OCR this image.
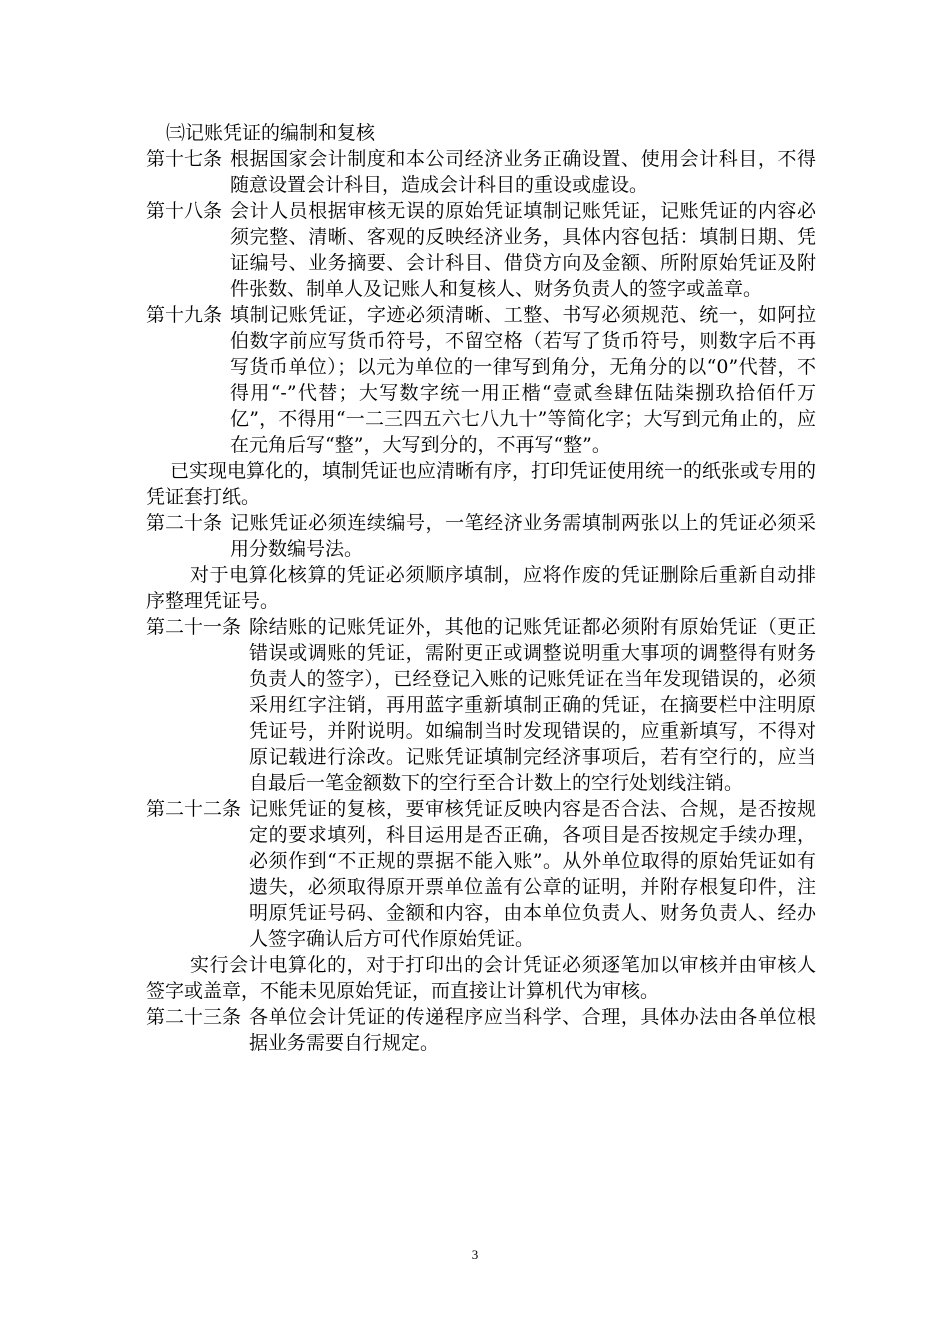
㈢记账凭证的编制和复核

第十七条 根据国家会计制度和本公司经济业务正确设置、使用会计科目，不得随意设置会计科目，造成会计科目的重设或虚设。
第十八条 会计人员根据审核无误的原始凭证填制记账凭证，记账凭证的内容必须完整、清晰、客观的反映经济业务，具体内容包括：填制日期、凭证编号、业务摘要、会计科目、借贷方向及金额、所附原始凭证及附件张数、制单人及记账人和复核人、财务负责人的签字或盖章。
第十九条 填制记账凭证，字迹必须清晰、工整、书写必须规范、统一，如阿拉伯数字前应写货币符号，不留空格（若写了货币符号，则数字后不再写货币单位）；以元为单位的一律写到角分，无角分的以“0”代替，不得用“-”代替；大写数字统一用正楷“壹贰叁肆伍陆柒捌玖拾佰仟万亿”，不得用“一二三四五六七八九十”等简化字；大写到元角止的，应在元角后写“整”，大写到分的，不再写“整”。

已实现电算化的，填制凭证也应清晰有序，打印凭证使用统一的纸张或专用的凭证套打纸。

第二十条 记账凭证必须连续编号，一笔经济业务需填制两张以上的凭证必须采用分数编号法。

对于电算化核算的凭证必须顺序填制，应将作废的凭证删除后重新自动排序整理凭证号。

第二十一条 除结账的记账凭证外，其他的记账凭证都必须附有原始凭证（更正错误或调账的凭证，需附更正或调整说明重大事项的调整得有财务负责人的签字），已经登记入账的记账凭证在当年发现错误的，必须采用红字注销，再用蓝字重新填制正确的凭证，在摘要栏中注明原凭证号，并附说明。如编制当时发现错误的，应重新填写，不得对原记载进行涂改。记账凭证填制完经济事项后，若有空行的，应当自最后一笔金额数下的空行至合计数上的空行处划线注销。
第二十二条 记账凭证的复核，要审核凭证反映内容是否合法、合规，是否按规定的要求填列，科目运用是否正确，各项目是否按规定手续办理，必须作到“不正规的票据不能入账”。从外单位取得的原始凭证如有遗失，必须取得原开票单位盖有公章的证明，并附存根复印件，注明原凭证号码、金额和内容，由本单位负责人、财务负责人、经办人签字确认后方可代作原始凭证。

实行会计电算化的，对于打印出的会计凭证必须逐笔加以审核并由审核人签字或盖章，不能未见原始凭证，而直接让计算机代为审核。

第二十三条 各单位会计凭证的传递程序应当科学、合理，具体办法由各单位根据业务需要自行规定。
3
